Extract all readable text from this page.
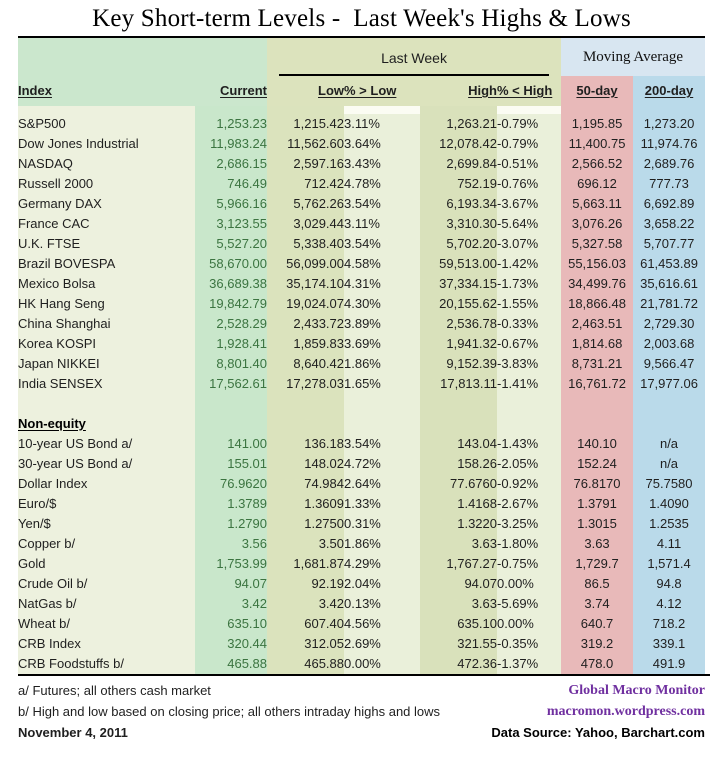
Key Short-term Levels -  Last Week's Highs & Lows

		Last Week				Moving Average	
Index	Current	Low	% > Low	High	% < High	50-day	200-day

S&P500	1,253.23	1,215.42	3.11%	1,263.21	-0.79%	1,195.85	1,273.20
Dow Jones Industrial	11,983.24	11,562.60	3.64%	12,078.42	-0.79%	11,400.75	11,974.76
NASDAQ	2,686.15	2,597.16	3.43%	2,699.84	-0.51%	2,566.52	2,689.76
Russell 2000	746.49	712.42	4.78%	752.19	-0.76%	696.12	777.73
Germany DAX	5,966.16	5,762.26	3.54%	6,193.34	-3.67%	5,663.11	6,692.89
France CAC	3,123.55	3,029.44	3.11%	3,310.30	-5.64%	3,076.26	3,658.22
U.K. FTSE	5,527.20	5,338.40	3.54%	5,702.20	-3.07%	5,327.58	5,707.77
Brazil BOVESPA	58,670.00	56,099.00	4.58%	59,513.00	-1.42%	55,156.03	61,453.89
Mexico Bolsa	36,689.38	35,174.10	4.31%	37,334.15	-1.73%	34,499.76	35,616.61
HK Hang Seng	19,842.79	19,024.07	4.30%	20,155.62	-1.55%	18,866.48	21,781.72
China Shanghai	2,528.29	2,433.72	3.89%	2,536.78	-0.33%	2,463.51	2,729.30
Korea KOSPI	1,928.41	1,859.83	3.69%	1,941.32	-0.67%	1,814.68	2,003.68
Japan NIKKEI	8,801.40	8,640.42	1.86%	9,152.39	-3.83%	8,731.21	9,566.47
India SENSEX	17,562.61	17,278.03	1.65%	17,813.11	-1.41%	16,761.72	17,977.06

Non-equity							
10-year US Bond a/	141.00	136.18	3.54%	143.04	-1.43%	140.10	n/a
30-year US Bond a/	155.01	148.02	4.72%	158.26	-2.05%	152.24	n/a
Dollar Index	76.9620	74.984	2.64%	77.6760	-0.92%	76.8170	75.7580
Euro/$	1.3789	1.3609	1.33%	1.4168	-2.67%	1.3791	1.4090
Yen/$	1.2790	1.2750	0.31%	1.3220	-3.25%	1.3015	1.2535
Copper b/	3.56	3.50	1.86%	3.63	-1.80%	3.63	4.11
Gold	1,753.99	1,681.87	4.29%	1,767.27	-0.75%	1,729.7	1,571.4
Crude Oil b/	94.07	92.19	2.04%	94.07	0.00%	86.5	94.8
NatGas b/	3.42	3.42	0.13%	3.63	-5.69%	3.74	4.12
Wheat b/	635.10	607.40	4.56%	635.10	0.00%	640.7	718.2
CRB Index	320.44	312.05	2.69%	321.55	-0.35%	319.2	339.1
CRB Foodstuffs b/	465.88	465.88	0.00%	472.36	-1.37%	478.0	491.9
a/ Futures; all others cash market
b/ High and low based on closing price; all others intraday highs and lows
November 4, 2011
Global Macro Monitor
macromon.wordpress.com
Data Source: Yahoo, Barchart.com
